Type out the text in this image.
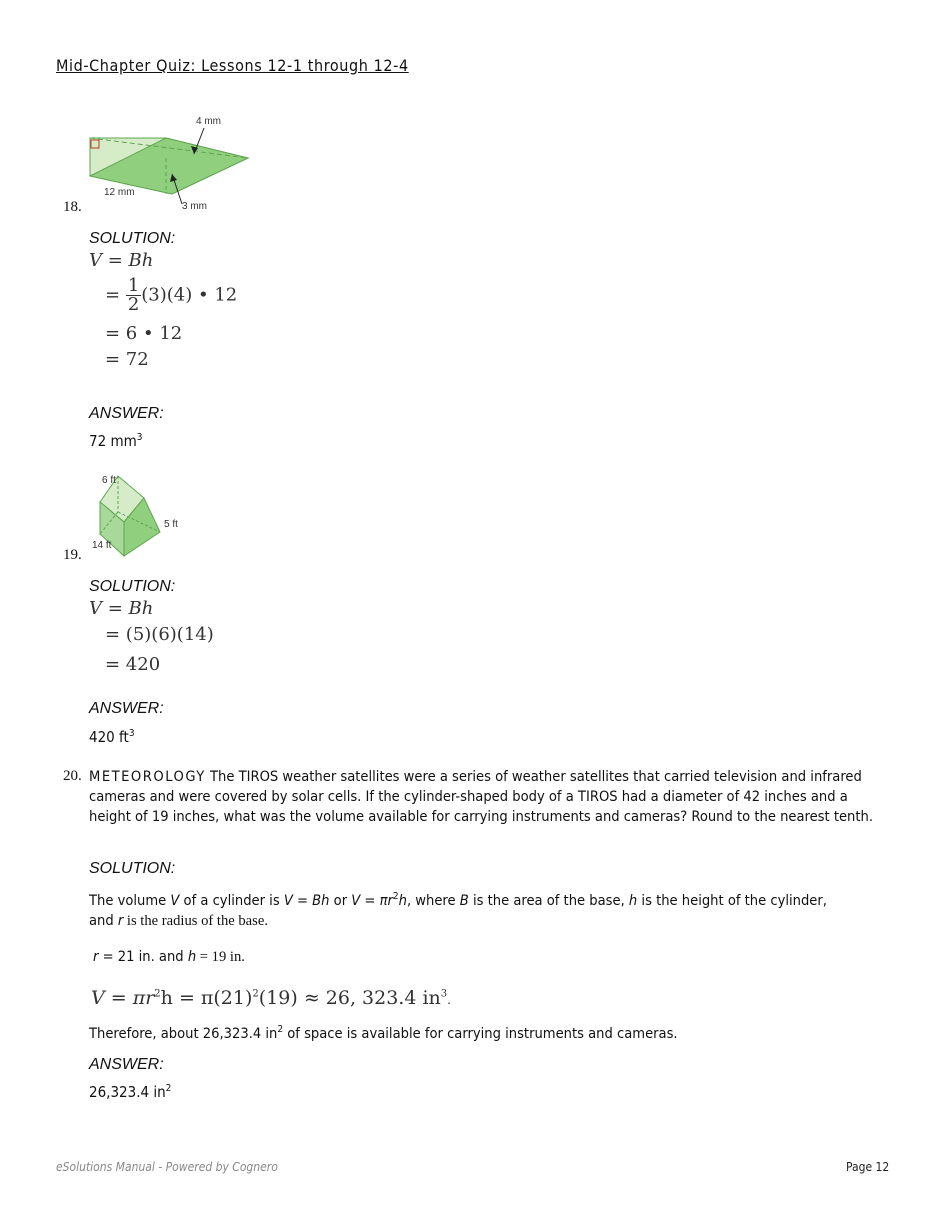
Mid-Chapter Quiz: Lessons 12-1 through 12-4
4 mm
12 mm
3 mm
18.
SOLUTION:
V = Bh
= $\frac{1}{2} (3)(4)$ • 12
= 6 • 12
= 72
ANSWER:
72 $mm^3$
6 ft
5 ft
14 ft
19.
SOLUTION:
V = Bh
= (5)(6)(14)
= 420
ANSWER:
420 $ft^3$
20. METEOROLOGY The TIROS weather satellites were a series of weather satellites that carried television and infrared cameras and were covered by solar cells. If the cylinder-shaped body of a TIROS had a diameter of 42 inches and a height of 19 inches, what was the volume available for carrying instruments and cameras? Round to the nearest tenth.
SOLUTION:
The volume V of a cylinder is V = Bh or $V = \pi r^2h$, where B is the area of the base, h is the height of the cylinder,
and r is the radius of the base.
r = 21 in. and h = 19 in.
$V = \pi r^2h = \pi(21)^2(19) \approx 26$, 323.4 $in^3$.
Therefore, about 26,323.4 $in^2$ of space is available for carrying instruments and cameras.
ANSWER:
26,323.4 $in^2$
eSolutions Manual - Powered by Cognero	Page 12
